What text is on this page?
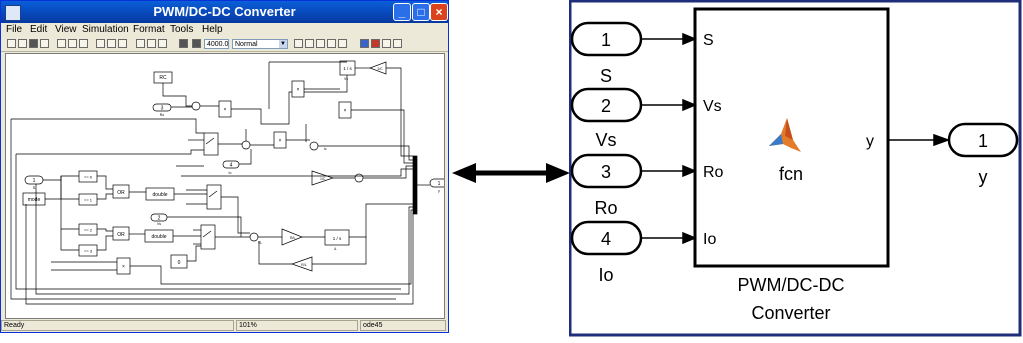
PWM/DC-DC Converter	_	□ ×
File Edit View Simulation Format Tools Help
4000.0 Normal	▼
1
S
mode
RC
3
Ro
×
×
1 / s
Vc
1/C
×
×
ic
4
Io
1/C
== 0
== 1
OR	double
== 2
== 3
OR	double
2
Vs
VL
R/L	1 / s
iL
R/L
×
0
1
y
Ready	101%	ode45
1
S
2
Vs
3
Ro
4
Io
S
Vs
Ro
Io
y
fcn
1
y
PWM/DC-DC
Converter
